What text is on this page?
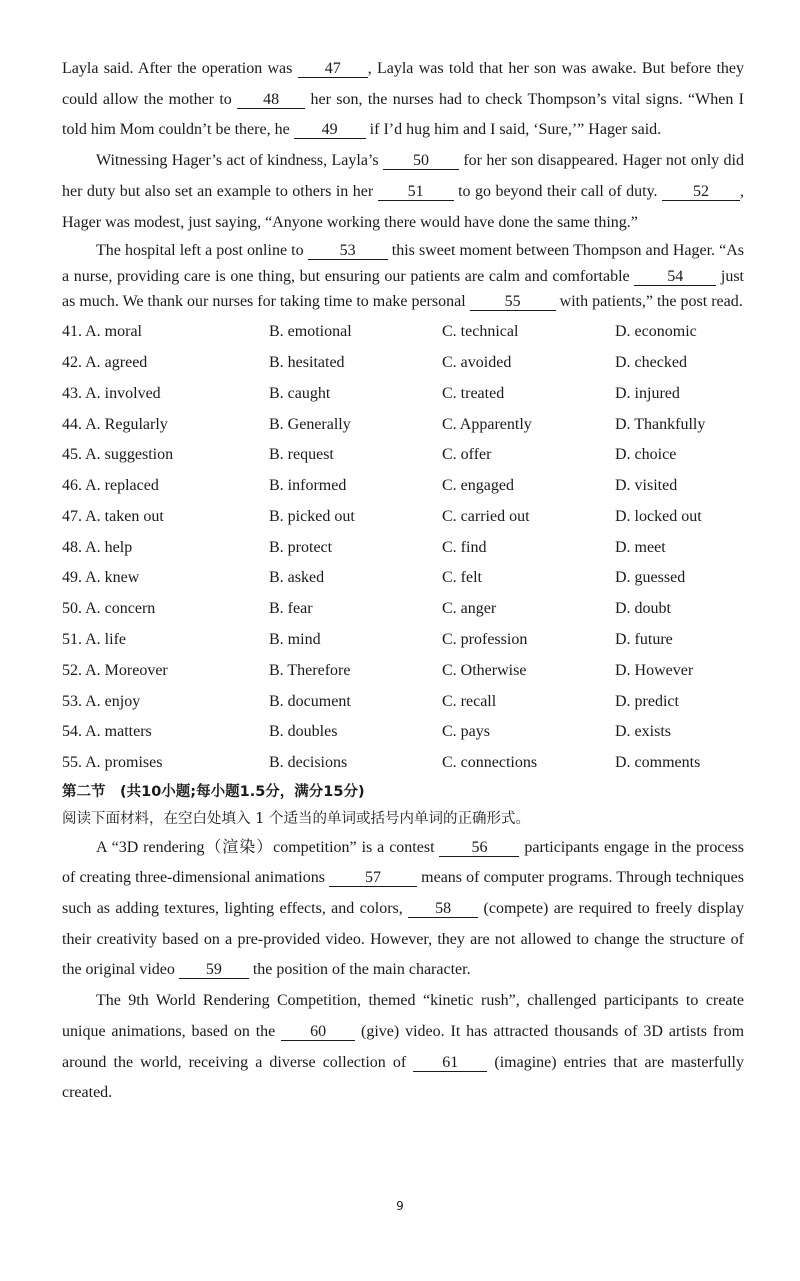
Layla said. After the operation was 47 , Layla was told that her son was awake. But before they could allow the mother to 48 her son, the nurses had to check Thompson’s vital signs. “When I told him Mom couldn’t be there, he 49 if I’d hug him and I said, ‘Sure,’” Hager said.

Witnessing Hager’s act of kindness, Layla’s 50 for her son disappeared. Hager not only did her duty but also set an example to others in her 51 to go beyond their call of duty. 52 , Hager was modest, just saying, “Anyone working there would have done the same thing.”

The hospital left a post online to 53 this sweet moment between Thompson and Hager. “As a nurse, providing care is one thing, but ensuring our patients are calm and comfortable 54 just as much. We thank our nurses for taking time to make personal 55 with patients,” the post read.

41. A. moral	B. emotional	C. technical	D. economic
42. A. agreed	B. hesitated	C. avoided	D. checked
43. A. involved	B. caught	C. treated	D. injured
44. A. Regularly	B. Generally	C. Apparently	D. Thankfully
45. A. suggestion	B. request	C. offer	D. choice
46. A. replaced	B. informed	C. engaged	D. visited
47. A. taken out	B. picked out	C. carried out	D. locked out
48. A. help	B. protect	C. find	D. meet
49. A. knew	B. asked	C. felt	D. guessed
50. A. concern	B. fear	C. anger	D. doubt
51. A. life	B. mind	C. profession	D. future
52. A. Moreover	B. Therefore	C. Otherwise	D. However
53. A. enjoy	B. document	C. recall	D. predict
54. A. matters	B. doubles	C. pays	D. exists
55. A. promises	B. decisions	C. connections	D. comments
第二节　(共10小题;每小题1.5分，满分15分)
阅读下面材料，在空白处填入 1 个适当的单词或括号内单词的正确形式。

A “3D rendering（渲染）competition” is a contest 56 participants engage in the process of creating three-dimensional animations 57 means of computer programs. Through techniques such as adding textures, lighting effects, and colors, 58 (compete) are required to freely display their creativity based on a pre-provided video. However, they are not allowed to change the structure of the original video 59 the position of the main character.

The 9th World Rendering Competition, themed “kinetic rush”, challenged participants to create unique animations, based on the 60 (give) video. It has attracted thousands of 3D artists from around the world, receiving a diverse collection of 61 (imagine) entries that are masterfully created.

9
